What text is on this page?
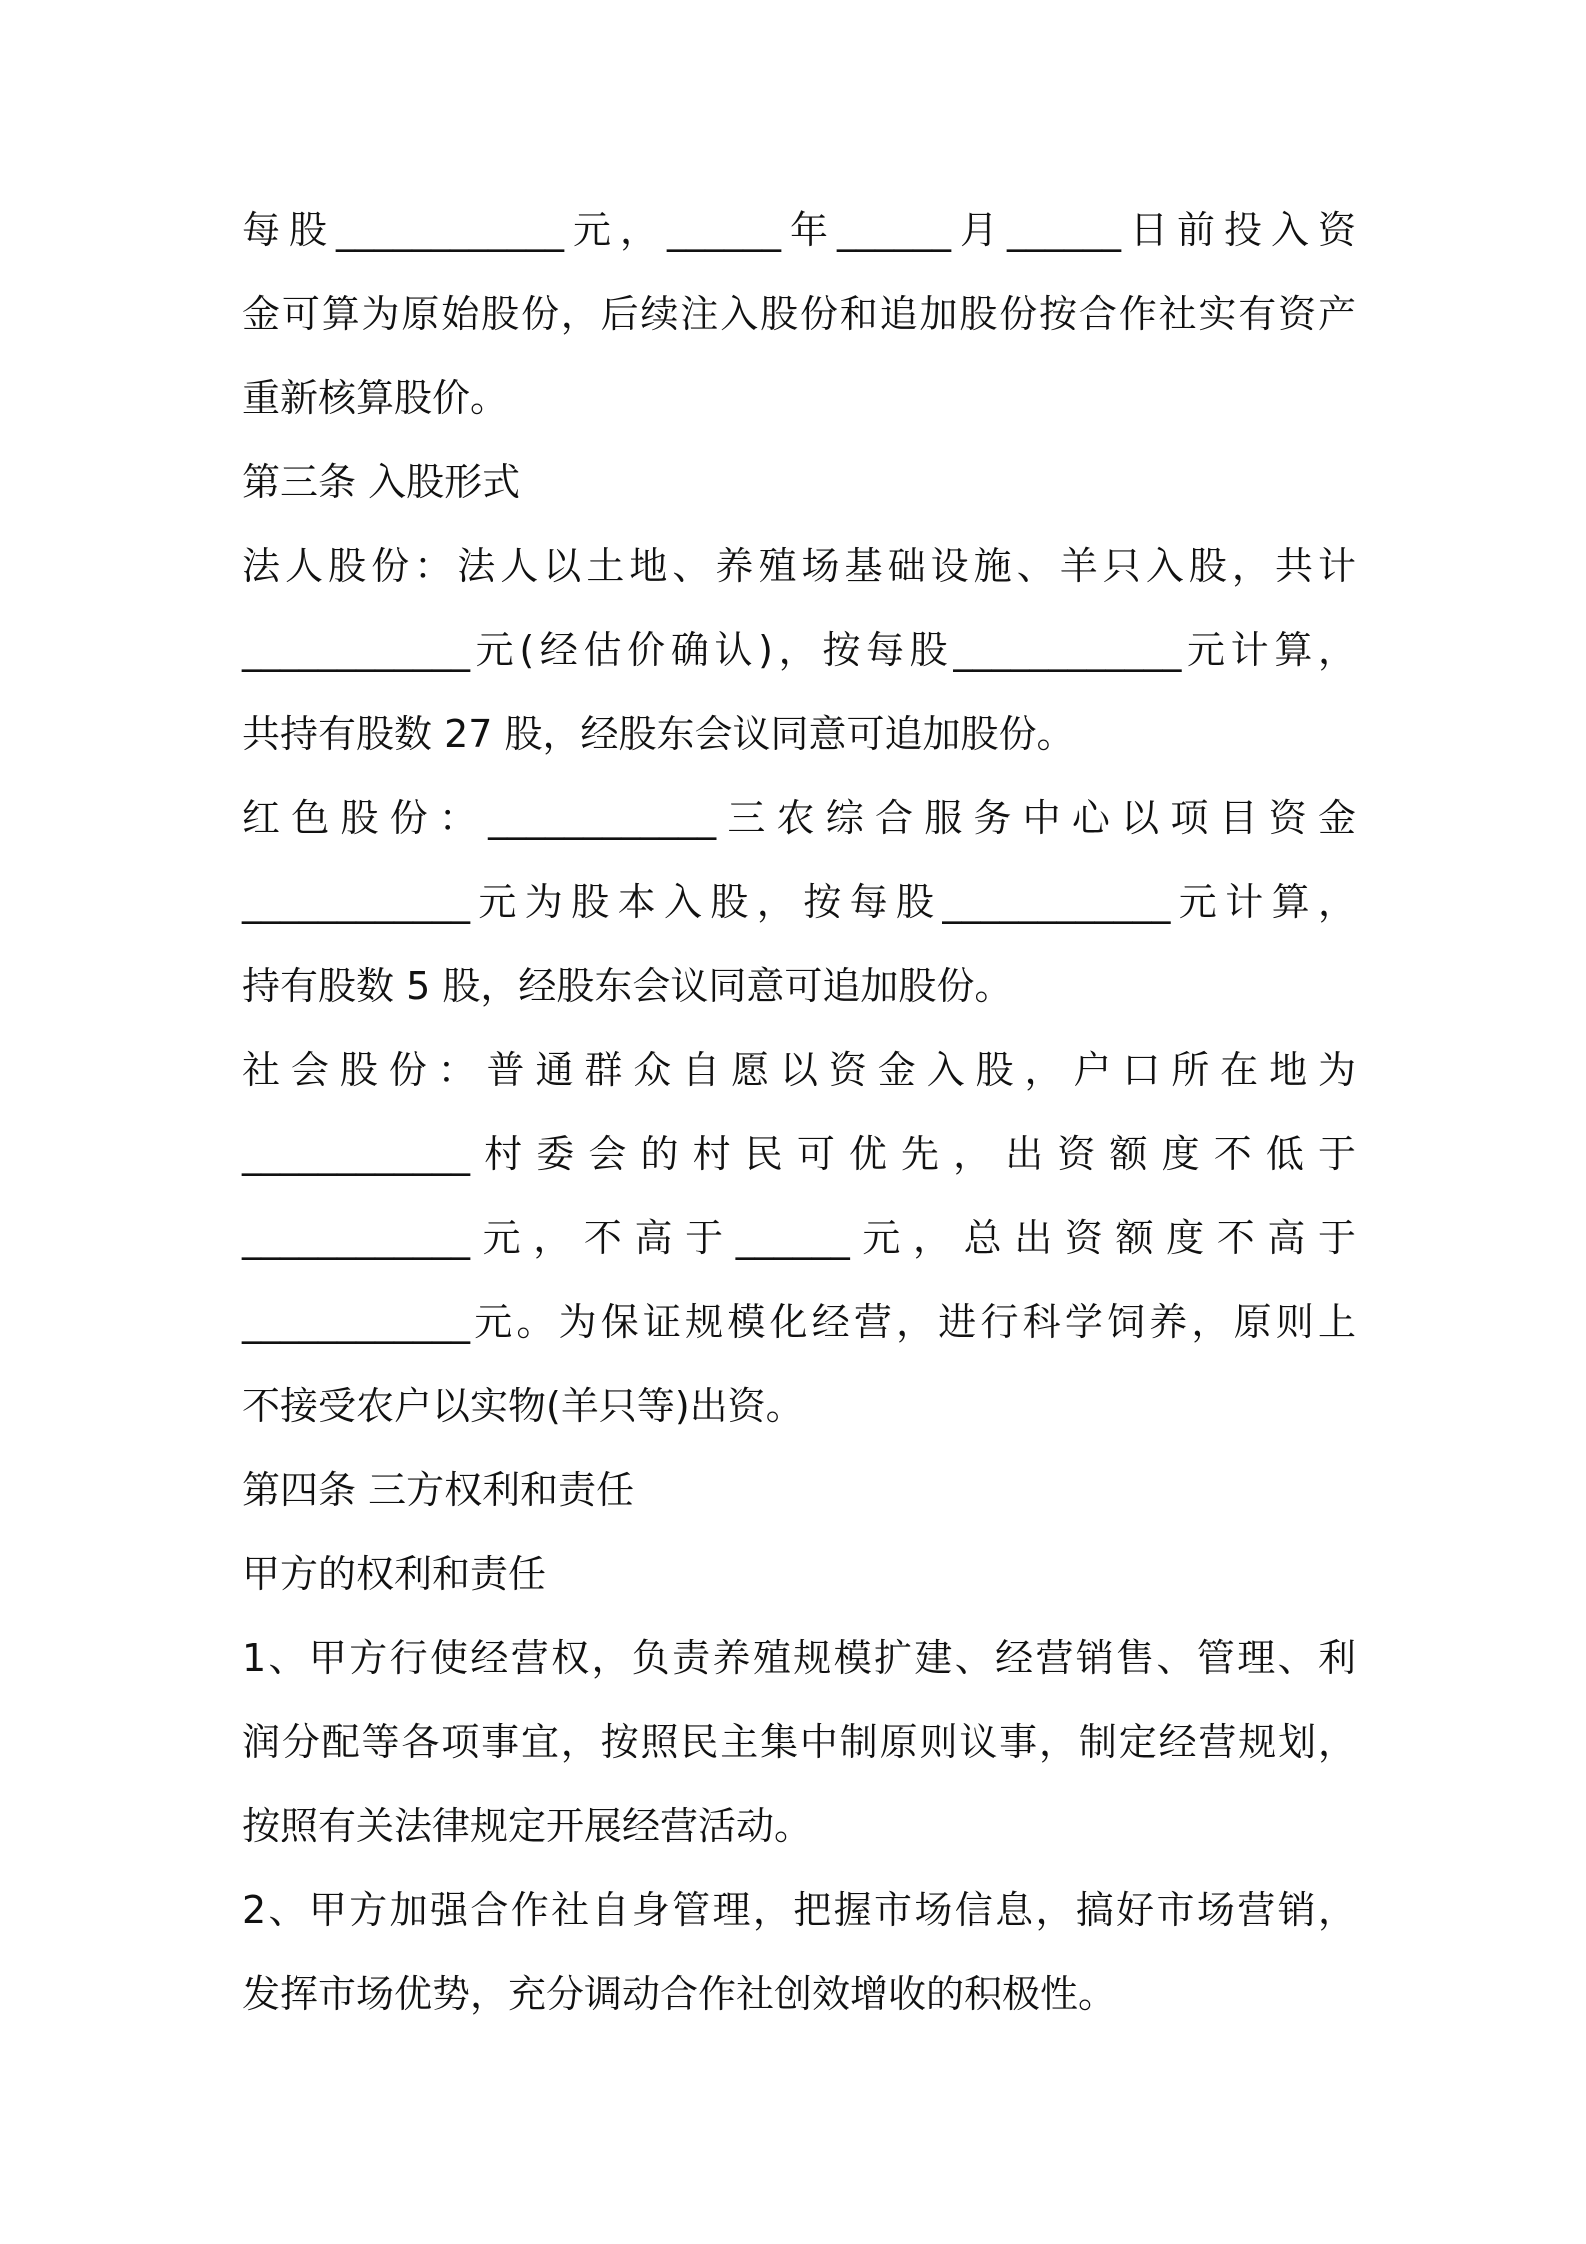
每股____________元，______年______月______日前投入资
金可算为原始股份，后续注入股份和追加股份按合作社实有资产
重新核算股价。
第三条 入股形式
法人股份：法人以土地、养殖场基础设施、羊只入股，共计
____________元(经估价确认)，按每股____________元计算，
共持有股数 27 股，经股东会议同意可追加股份。
红色股份：____________三农综合服务中心以项目资金
____________元为股本入股，按每股____________元计算，
持有股数 5 股，经股东会议同意可追加股份。
社会股份：普通群众自愿以资金入股，户口所在地为
____________村委会的村民可优先，出资额度不低于
____________元，不高于______元，总出资额度不高于
____________元。为保证规模化经营，进行科学饲养，原则上
不接受农户以实物(羊只等)出资。
第四条 三方权利和责任
甲方的权利和责任
1、甲方行使经营权，负责养殖规模扩建、经营销售、管理、利
润分配等各项事宜，按照民主集中制原则议事，制定经营规划，
按照有关法律规定开展经营活动。
2、甲方加强合作社自身管理，把握市场信息，搞好市场营销，
发挥市场优势，充分调动合作社创效增收的积极性。
